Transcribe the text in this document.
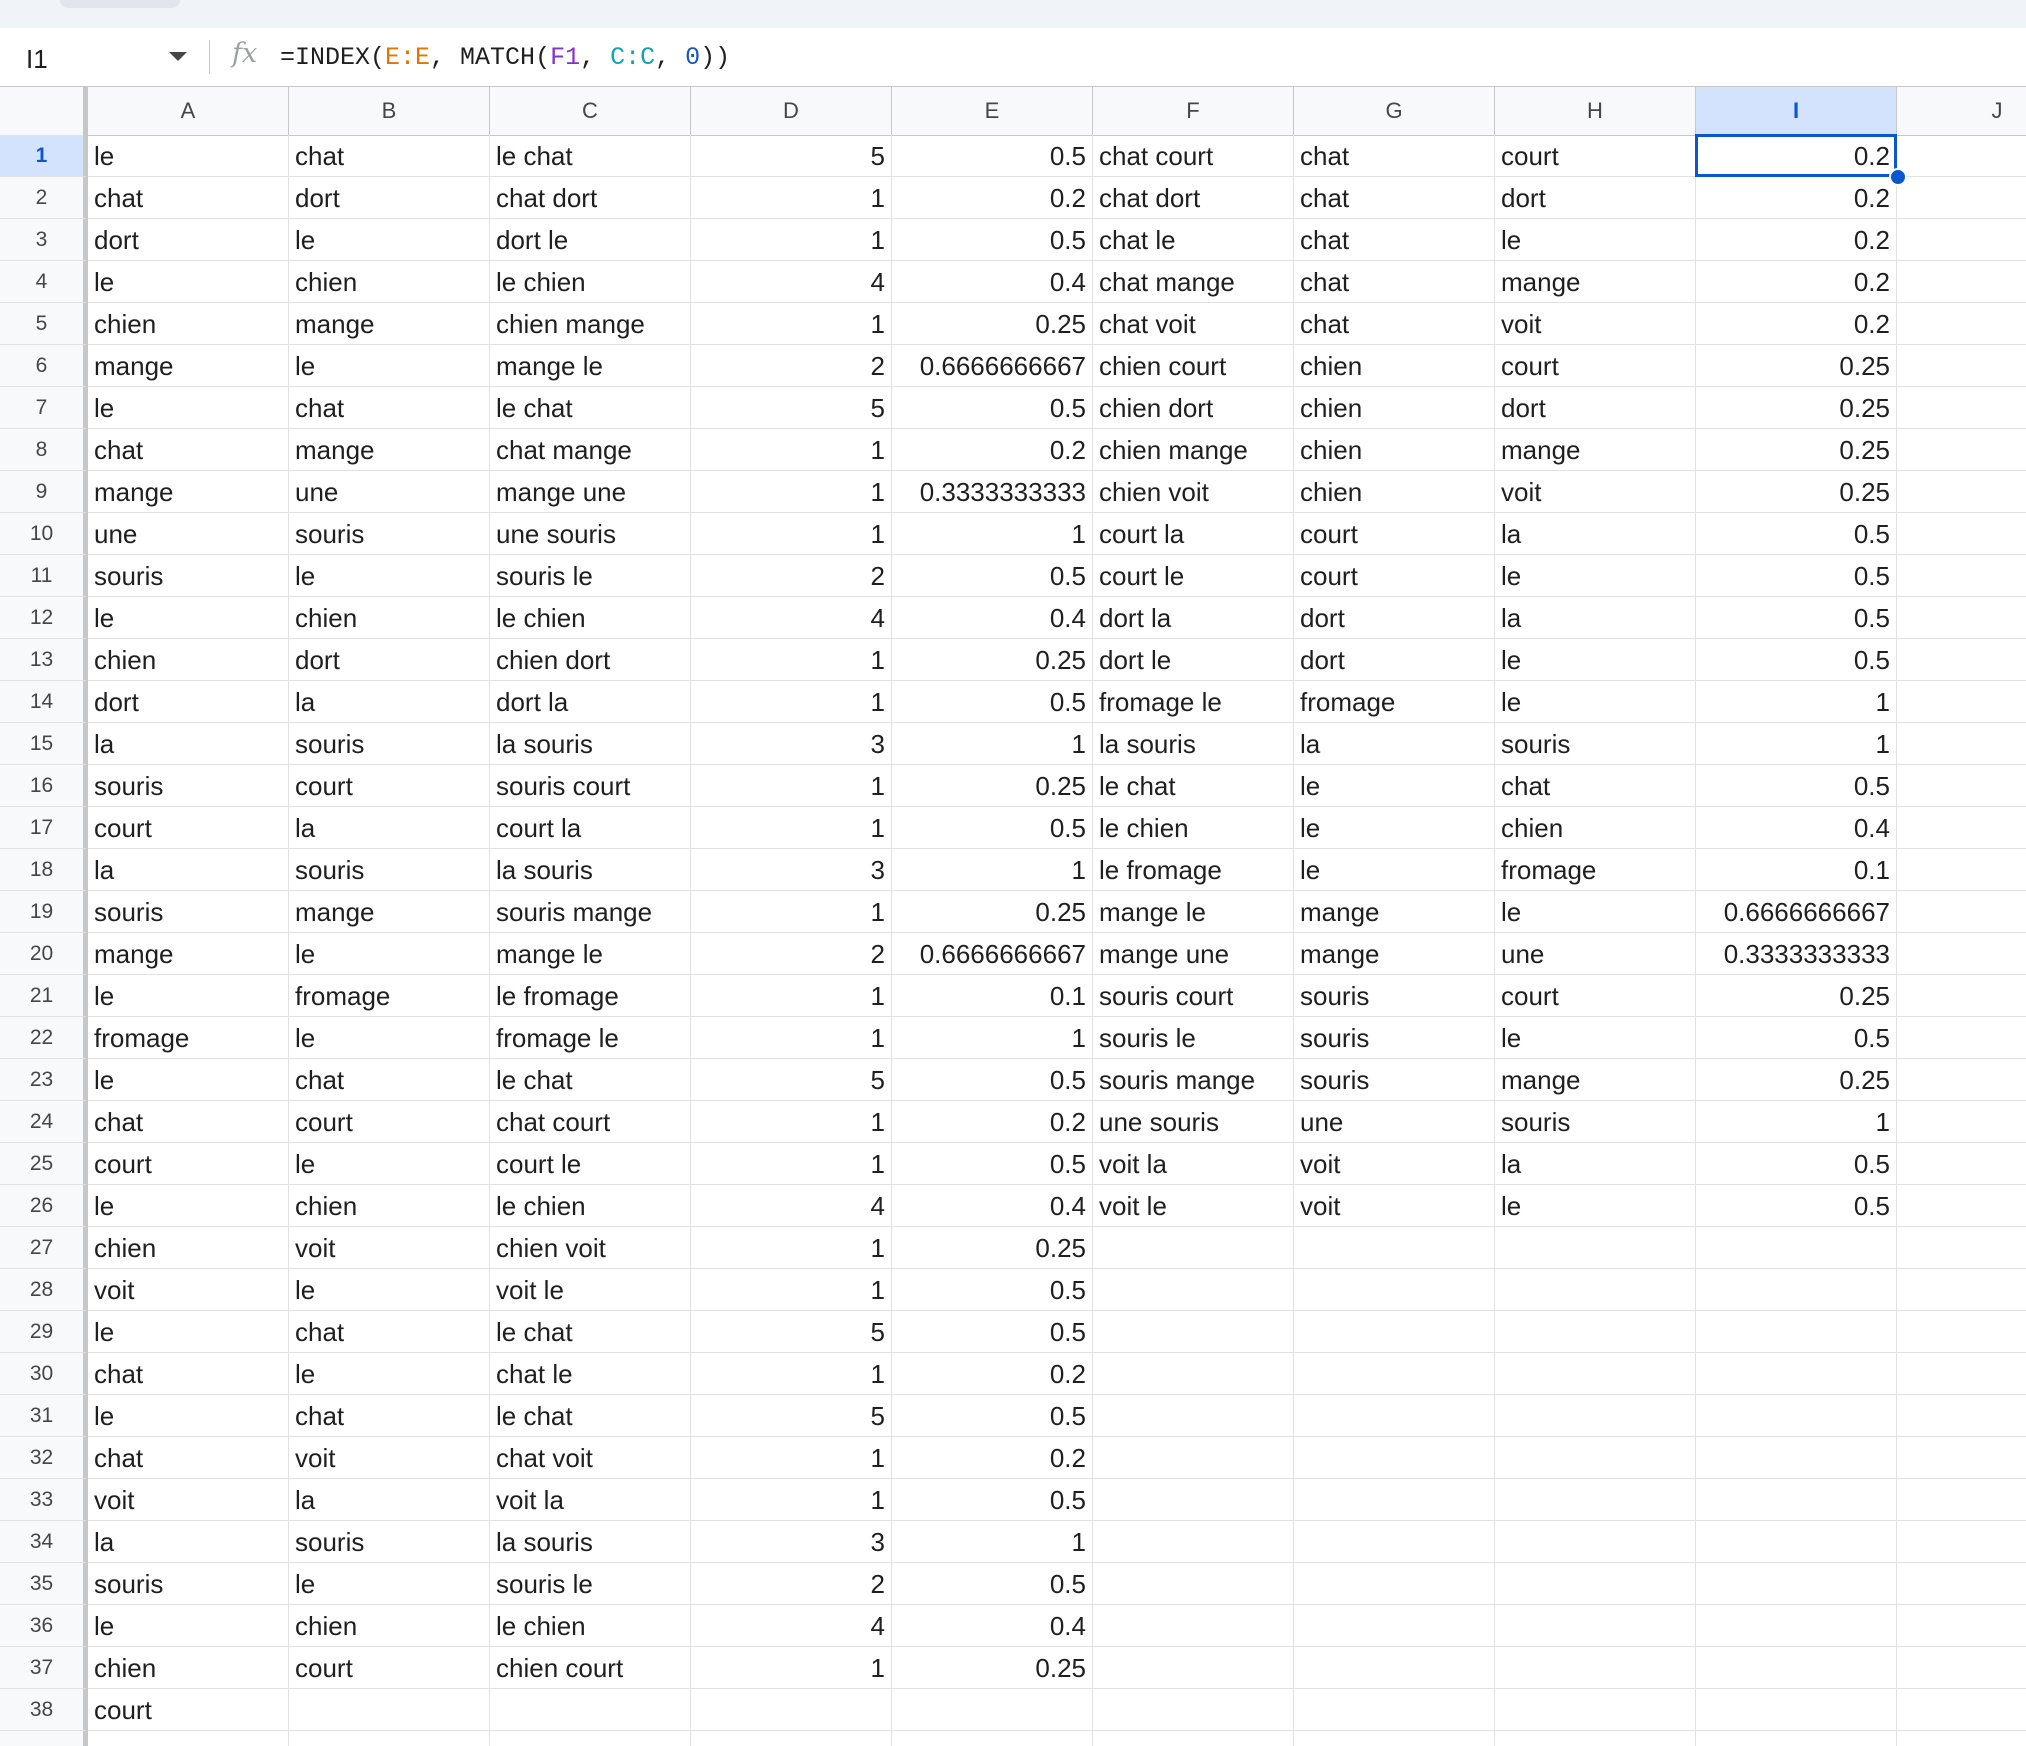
I1	fx =INDEX(E:E, MATCH(F1, C:C, 0))
A	B	C	D	E	F	G	H	I	J
1
2
3
4
5
6
7
8
9
10
11
12
13
14
15
16
17
18
19
20
21
22
23
24
25
26
27
28
29
30
31
32
33
34
35
36
37
38
le	chat	le chat	5	0.5 chat court	chat	court	0.2
chat	dort	chat dort	1	0.2 chat dort	chat	dort	0.2
dort	le	dort le	1	0.5 chat le	chat	le	0.2
le	chien	le chien	4	0.4 chat mange	chat	mange	0.2
chien	mange	chien mange	1	0.25 chat voit	chat	voit	0.2
mange	le	mange le	2	0.6666666667 chien court	chien	court	0.25
le	chat	le chat	5	0.5 chien dort	chien	dort	0.25
chat	mange	chat mange	1	0.2 chien mange	chien	mange	0.25
mange	une	mange une	1	0.3333333333 chien voit	chien	voit	0.25
une	souris	une souris	1	1 court la	court	la	0.5
souris	le	souris le	2	0.5 court le	court	le	0.5
le	chien	le chien	4	0.4 dort la	dort	la	0.5
chien	dort	chien dort	1	0.25 dort le	dort	le	0.5
dort	la	dort la	1	0.5 fromage le	fromage	le	1
la	souris	la souris	3	1 la souris	la	souris	1
souris	court	souris court	1	0.25 le chat	le	chat	0.5
court	la	court la	1	0.5 le chien	le	chien	0.4
la	souris	la souris	3	1 le fromage	le	fromage	0.1
souris	mange	souris mange	1	0.25 mange le	mange	le	0.6666666667
mange	le	mange le	2	0.6666666667 mange une	mange	une	0.3333333333
le	fromage	le fromage	1	0.1 souris court	souris	court	0.25
fromage	le	fromage le	1	1 souris le	souris	le	0.5
le	chat	le chat	5	0.5 souris mange	souris	mange	0.25
chat	court	chat court	1	0.2 une souris	une	souris	1
court	le	court le	1	0.5 voit la	voit	la	0.5
le	chien	le chien	4	0.4 voit le	voit	le	0.5
chien	voit	chien voit	1	0.25
voit	le	voit le	1	0.5
le	chat	le chat	5	0.5
chat	le	chat le	1	0.2
le	chat	le chat	5	0.5
chat	voit	chat voit	1	0.2
voit	la	voit la	1	0.5
la	souris	la souris	3	1
souris	le	souris le	2	0.5
le	chien	le chien	4	0.4
chien	court	chien court	1	0.25
court
